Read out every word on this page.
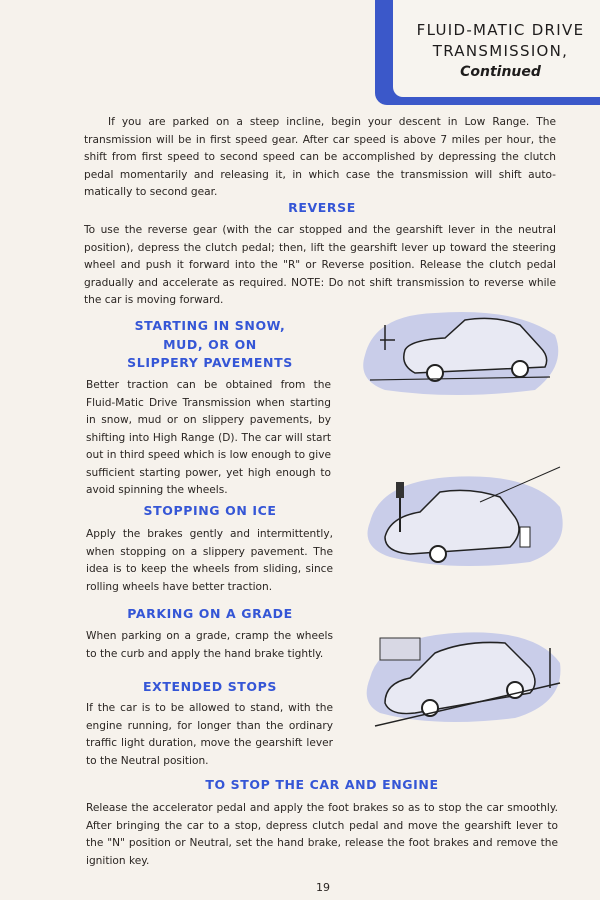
FLUID-MATIC DRIVE
TRANSMISSION,
Continued
If you are parked on a steep incline, begin your descent in Low Range. The transmission will be in first speed gear. After car speed is above 7 miles per hour, the shift from first speed to second speed can be accomplished by depressing the clutch pedal momentarily and releasing it, in which case the transmission will shift auto-matically to second gear.
REVERSE
To use the reverse gear (with the car stopped and the gearshift lever in the neutral position), depress the clutch pedal; then, lift the gearshift lever up toward the steering wheel and push it forward into the "R" or Reverse position. Release the clutch pedal gradually and accelerate as required. NOTE: Do not shift transmission to reverse while the car is moving forward.
STARTING IN SNOW,
MUD, OR ON
SLIPPERY PAVEMENTS
Better traction can be obtained from the Fluid-Matic Drive Transmission when starting in snow, mud or on slippery pavements, by shifting into High Range (D). The car will start out in third speed which is low enough to give sufficient starting power, yet high enough to avoid spinning the wheels.
STOPPING ON ICE
Apply the brakes gently and intermittently, when stopping on a slippery pavement. The idea is to keep the wheels from sliding, since rolling wheels have better traction.
PARKING ON A GRADE
When parking on a grade, cramp the wheels to the curb and apply the hand brake tightly.
EXTENDED STOPS
If the car is to be allowed to stand, with the engine running, for longer than the ordinary traffic light duration, move the gearshift lever to the Neutral position.
TO STOP THE CAR AND ENGINE
Release the accelerator pedal and apply the foot brakes so as to stop the car smoothly. After bringing the car to a stop, depress clutch pedal and move the gearshift lever to the "N" position or Neutral, set the hand brake, release the foot brakes and remove the ignition key.
19
